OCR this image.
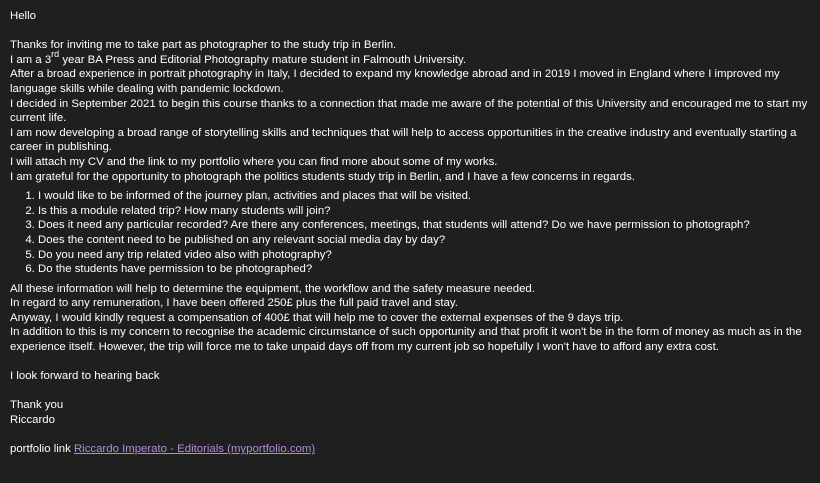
Hello

Thanks for inviting me to take part as photographer to the study trip in Berlin.

I am a 3rd year BA Press and Editorial Photography mature student in Falmouth University.

After a broad experience in portrait photography in Italy, I decided to expand my knowledge abroad and in 2019 I moved in England where I improved my language skills while dealing with pandemic lockdown.

I decided in September 2021 to begin this course thanks to a connection that made me aware of the potential of this University and encouraged me to start my current life.

I am now developing a broad range of storytelling skills and techniques that will help to access opportunities in the creative industry and eventually starting a career in publishing.

I will attach my CV and the link to my portfolio where you can find more about some of my works.

I am grateful for the opportunity to photograph the politics students study trip in Berlin, and I have a few concerns in regards.

1. I would like to be informed of the journey plan, activities and places that will be visited.
2. Is this a module related trip? How many students will join?
3. Does it need any particular recorded? Are there any conferences, meetings, that students will attend? Do we have permission to photograph?
4. Does the content need to be published on any relevant social media day by day?
5. Do you need any trip related video also with photography?
6. Do the students have permission to be photographed?

All these information will help to determine the equipment, the workflow and the safety measure needed.

In regard to any remuneration, I have been offered 250£ plus the full paid travel and stay.

Anyway, I would kindly request a compensation of 400£ that will help me to cover the external expenses of the 9 days trip.

In addition to this is my concern to recognise the academic circumstance of such opportunity and that profit it won't be in the form of money as much as in the experience itself. However, the trip will force me to take unpaid days off from my current job so hopefully I won't have to afford any extra cost.

I look forward to hearing back

Thank you

Riccardo

portfolio link Riccardo Imperato - Editorials (myportfolio.com)
